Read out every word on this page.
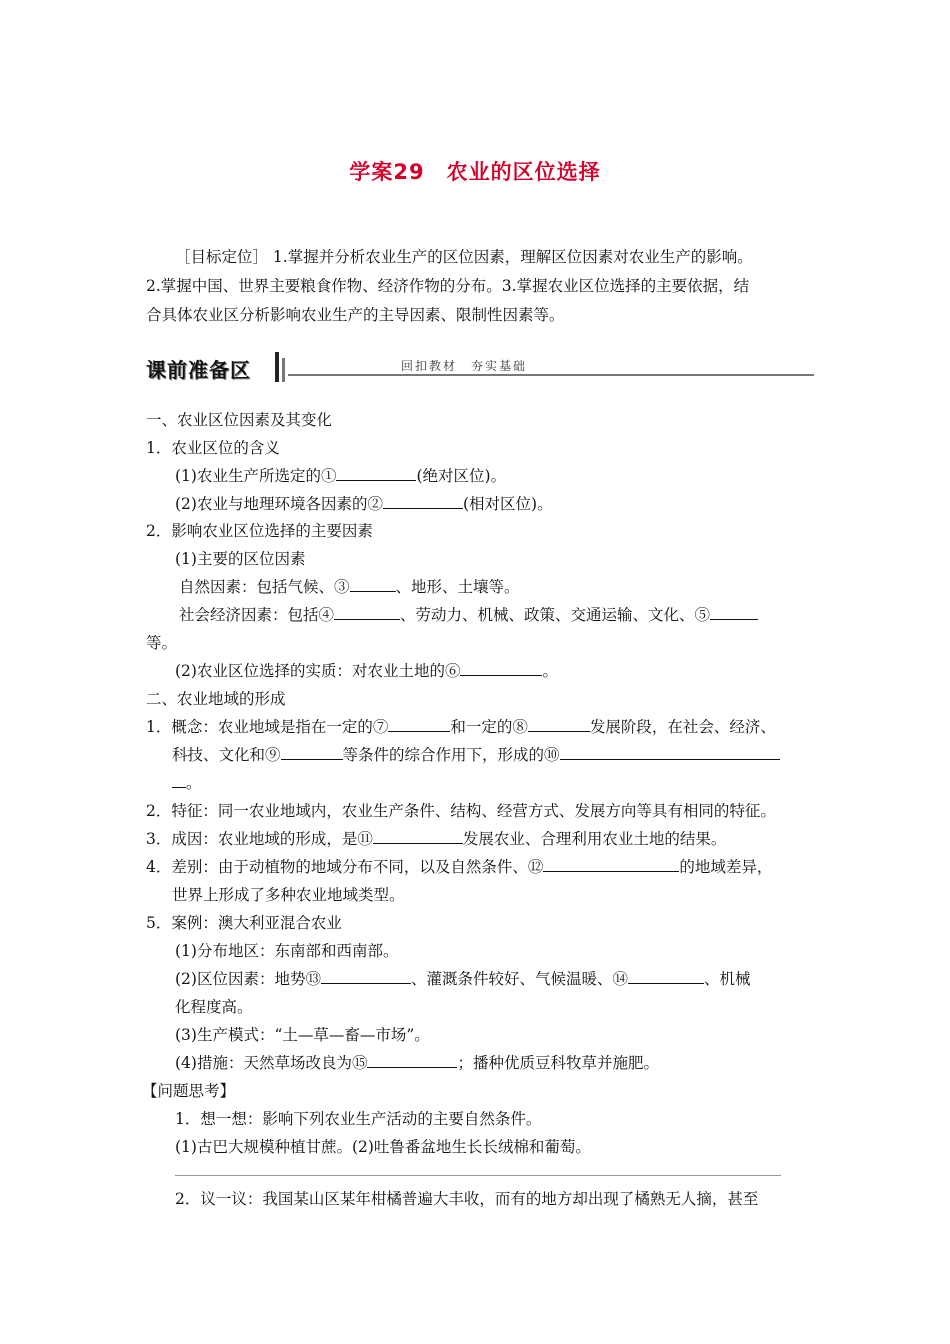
学案29 农业的区位选择
［目标定位］ 1.掌握并分析农业生产的区位因素，理解区位因素对农业生产的影响。
2.掌握中国、世界主要粮食作物、经济作物的分布。3.掌握农业区位选择的主要依据，结
合具体农业区分析影响农业生产的主导因素、限制性因素等。
课前准备区	回扣教材　夯实基础
一、农业区位因素及其变化
1．农业区位的含义
(1)农业生产所选定的①	(绝对区位)。
(2)农业与地理环境各因素的②	(相对区位)。
2．影响农业区位选择的主要因素
(1)主要的区位因素
自然因素：包括气候、③	、地形、土壤等。
社会经济因素：包括④	、劳动力、机械、政策、交通运输、文化、⑤
等。
(2)农业区位选择的实质：对农业土地的⑥	。
二、农业地域的形成
1．概念：农业地域是指在一定的⑦	和一定的⑧	发展阶段，在社会、经济、
科技、文化和⑨	等条件的综合作用下，形成的⑩
。
2．特征：同一农业地域内，农业生产条件、结构、经营方式、发展方向等具有相同的特征。
3．成因：农业地域的形成，是⑪	发展农业、合理利用农业土地的结果。
4．差别：由于动植物的地域分布不同，以及自然条件、⑫	的地域差异，
世界上形成了多种农业地域类型。
5．案例：澳大利亚混合农业
(1)分布地区：东南部和西南部。
(2)区位因素：地势⑬	、灌溉条件较好、气候温暖、⑭	、机械
化程度高。
(3)生产模式：“土—草—畜—市场”。
(4)措施：天然草场改良为⑮	；播种优质豆科牧草并施肥。
【问题思考】
1．想一想：影响下列农业生产活动的主要自然条件。
(1)古巴大规模种植甘蔗。(2)吐鲁番盆地生长长绒棉和葡萄。
2．议一议：我国某山区某年柑橘普遍大丰收，而有的地方却出现了橘熟无人摘，甚至
